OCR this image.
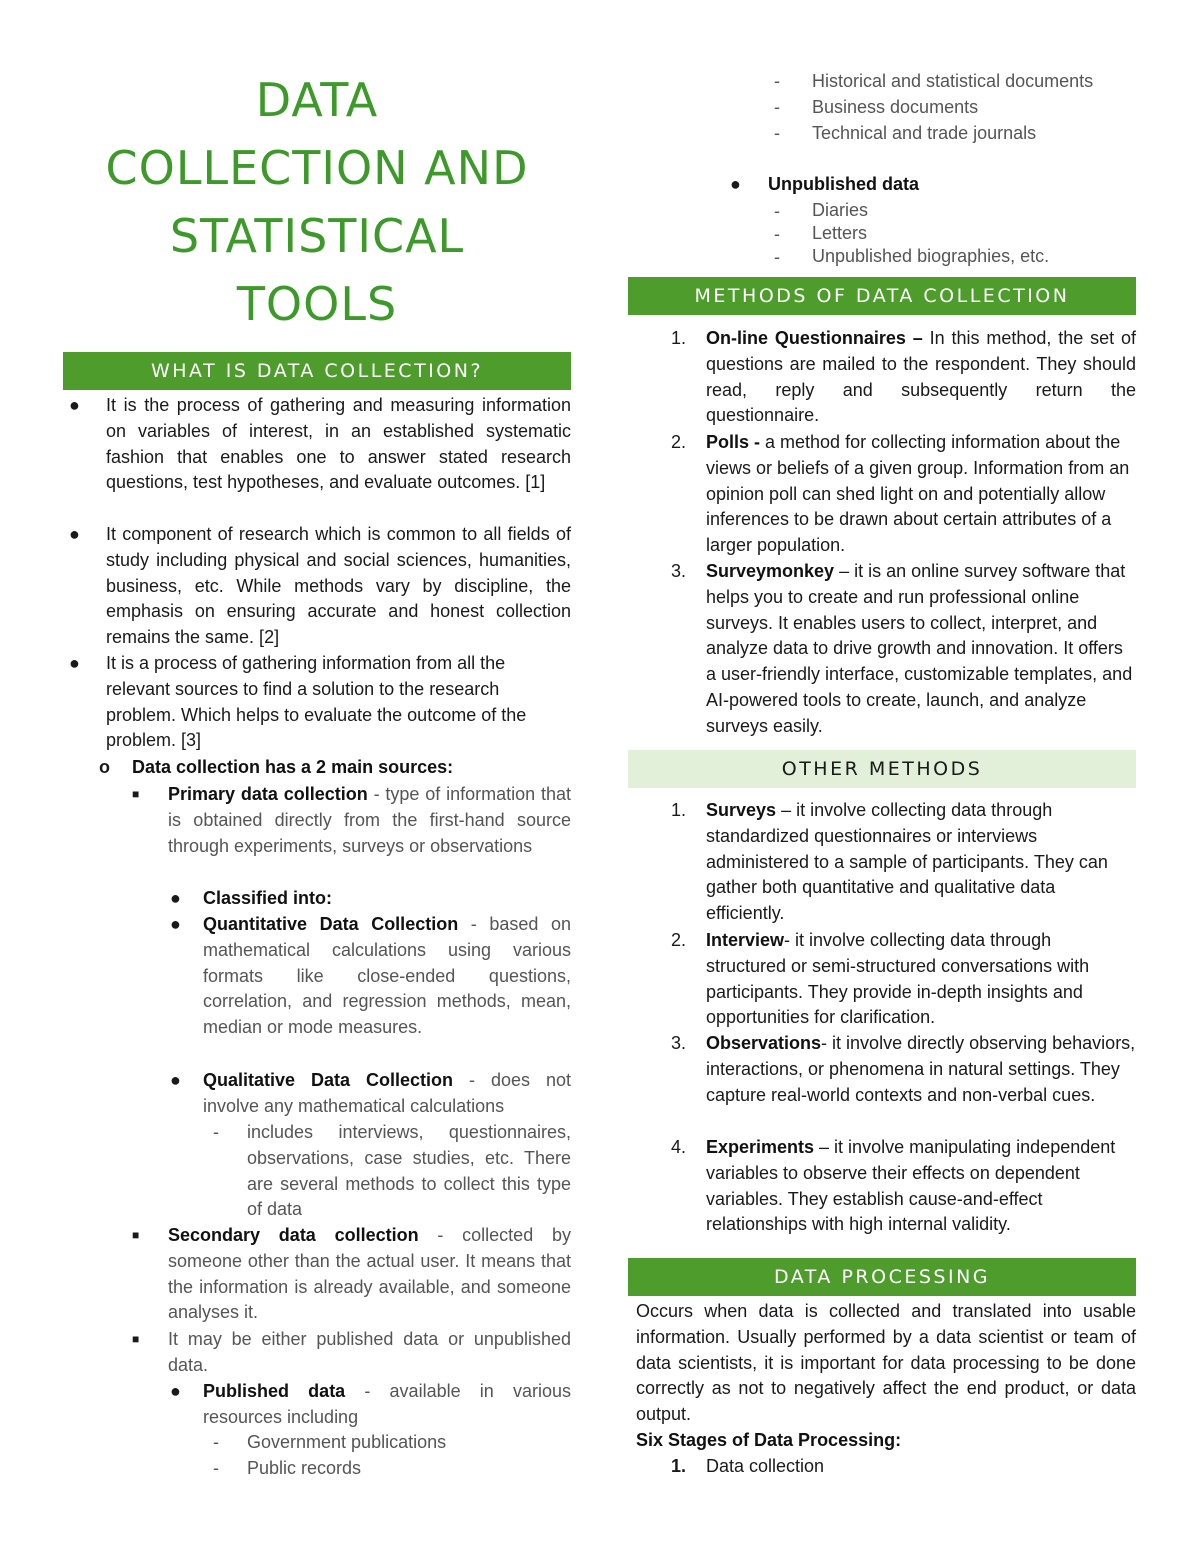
DATA

COLLECTION AND

STATISTICAL

TOOLS

WHAT IS DATA COLLECTION?
● It is the process of gathering and measuring information on variables of interest, in an established systematic fashion that enables one to answer stated research questions, test hypotheses, and evaluate outcomes. [1]

● It component of research which is common to all fields of study including physical and social sciences, humanities, business, etc. While methods vary by discipline, the emphasis on ensuring accurate and honest collection remains the same. [2]

● It is a process of gathering information from all the relevant sources to find a solution to the research problem. Which helps to evaluate the outcome of the problem. [3]

o Data collection has a 2 main sources:

■ Primary data collection - type of information that is obtained directly from the first-hand source through experiments, surveys or observations

● Classified into:

● Quantitative Data Collection - based on mathematical calculations using various formats like close-ended questions, correlation, and regression methods, mean, median or mode measures.

● Qualitative Data Collection - does not involve any mathematical calculations

- includes interviews, questionnaires, observations, case studies, etc. There are several methods to collect this type of data

■ Secondary data collection - collected by someone other than the actual user. It means that the information is already available, and someone analyses it.

■ It may be either published data or unpublished data.

● Published data - available in various resources including

- Government publications

- Public records

- Historical and statistical documents

- Business documents

- Technical and trade journals

● Unpublished data

- Diaries

- Letters

- Unpublished biographies, etc.

METHODS OF DATA COLLECTION
1. On-line Questionnaires – In this method, the set of questions are mailed to the respondent. They should read, reply and subsequently return the questionnaire.

2. Polls - a method for collecting information about the views or beliefs of a given group. Information from an opinion poll can shed light on and potentially allow inferences to be drawn about certain attributes of a larger population.

3. Surveymonkey – it is an online survey software that helps you to create and run professional online surveys. It enables users to collect, interpret, and analyze data to drive growth and innovation. It offers a user-friendly interface, customizable templates, and AI-powered tools to create, launch, and analyze surveys easily.

OTHER METHODS
1. Surveys – it involve collecting data through standardized questionnaires or interviews administered to a sample of participants. They can gather both quantitative and qualitative data efficiently.

2. Interview- it involve collecting data through structured or semi-structured conversations with participants. They provide in-depth insights and opportunities for clarification.

3. Observations- it involve directly observing behaviors, interactions, or phenomena in natural settings. They capture real-world contexts and non-verbal cues.

4. Experiments – it involve manipulating independent variables to observe their effects on dependent variables. They establish cause-and-effect relationships with high internal validity.

DATA PROCESSING

Occurs when data is collected and translated into usable information. Usually performed by a data scientist or team of data scientists, it is important for data processing to be done correctly as not to negatively affect the end product, or data output.

Six Stages of Data Processing:

1. Data collection
